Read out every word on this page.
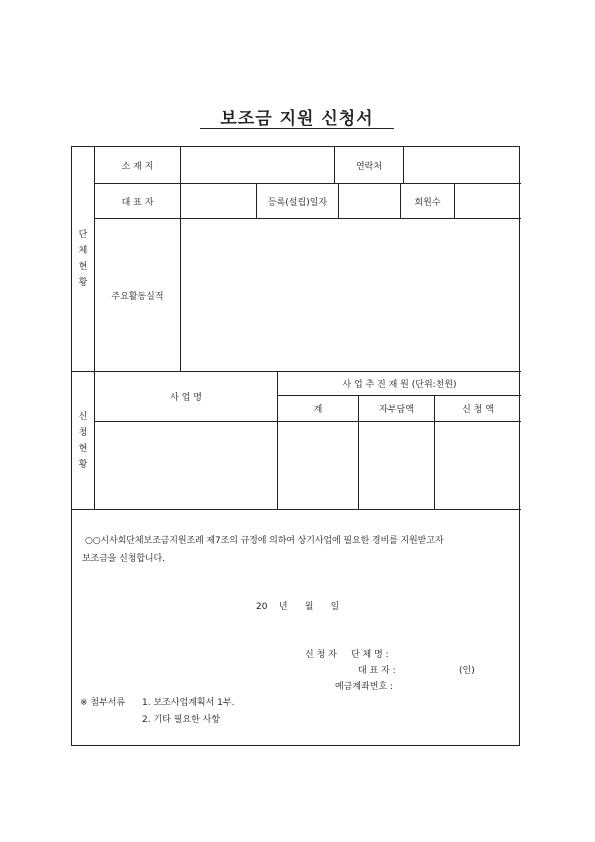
보조금 지원 신청서
단
체
현
황
소 재 지	연락처
대 표 자	등록(설립)일자	회원수
주요활동실적
신
청
현
황
사 업 명
사 업 추 진 재 원 (단위:천원)
계	자부담액	신 청 액
○○시사회단체보조금지원조례 제7조의 규정에 의하여 상기사업에 필요한 경비를 지원받고자
보조금을 신청합니다.
20    년      월      일
신 청 자 단 체 명 :
대 표 자 :	(인)
예금계좌번호 :
※ 첨부서류 1. 보조사업계획서 1부.
2. 기타 필요한 사항
